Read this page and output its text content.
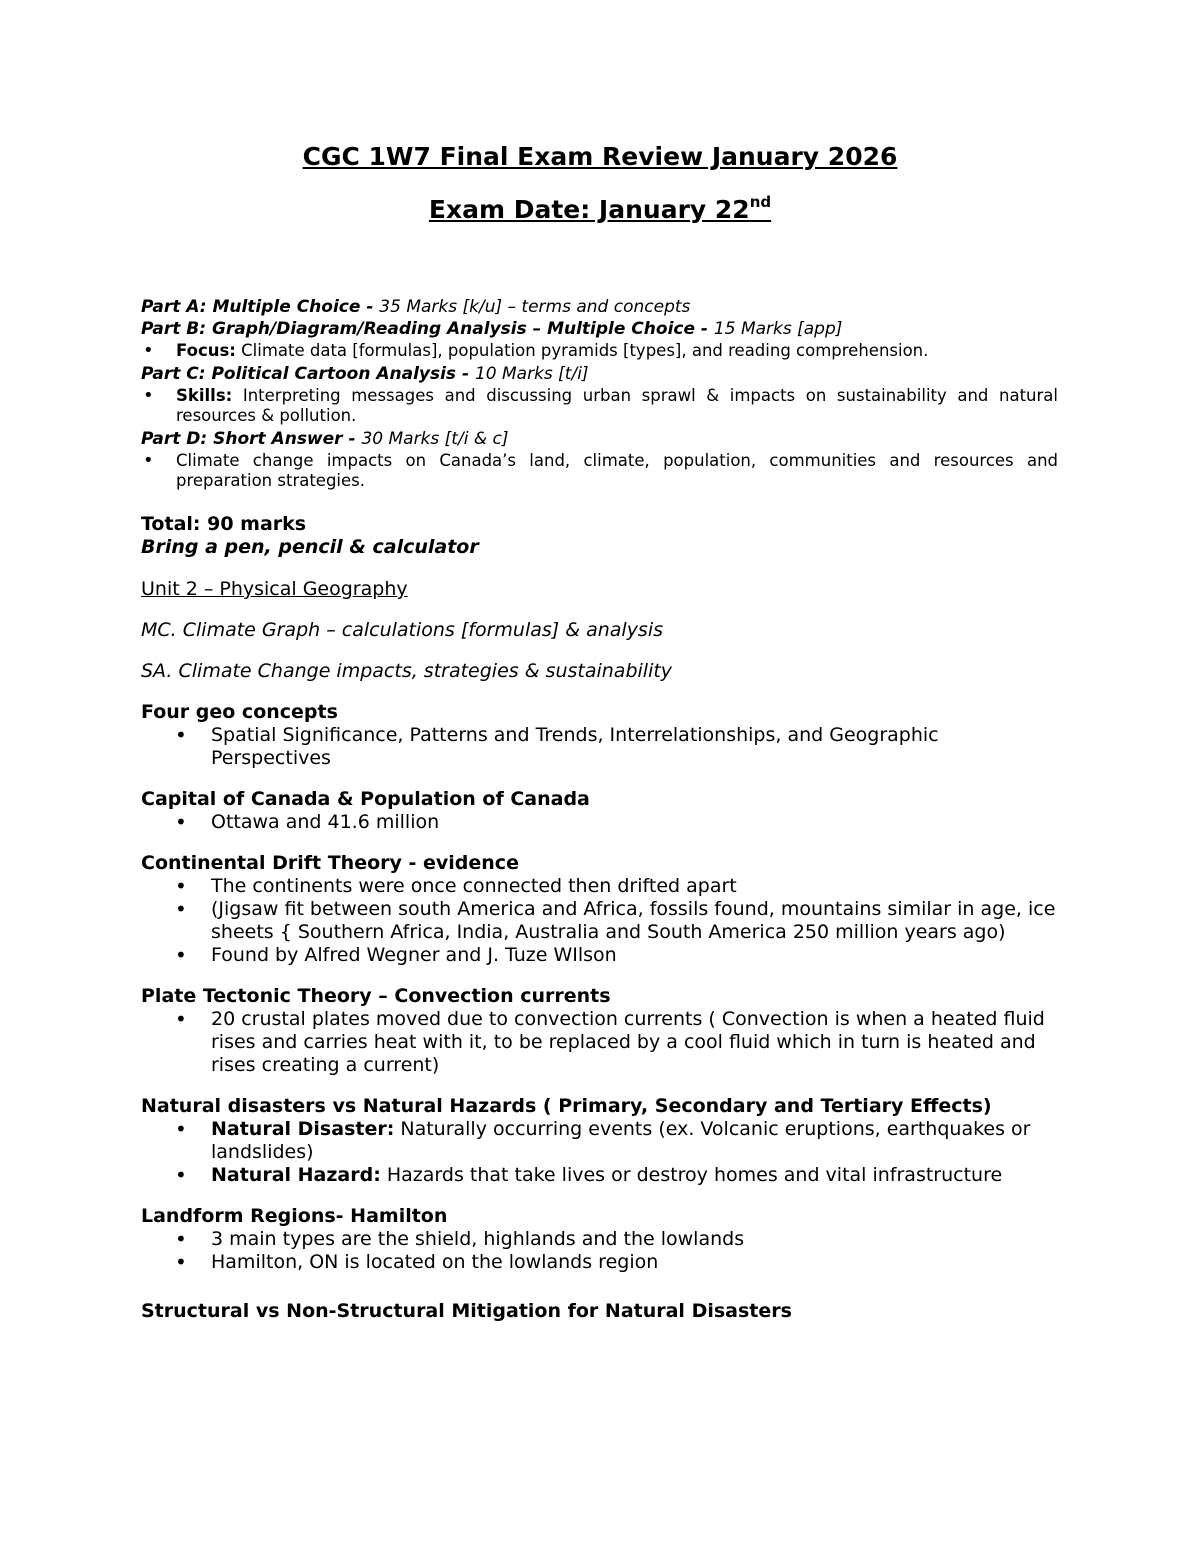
CGC 1W7 Final Exam Review January 2026
Exam Date: January 22nd

Part A: Multiple Choice - 35 Marks [k/u] – terms and concepts

Part B: Graph/Diagram/Reading Analysis – Multiple Choice - 15 Marks [app]

• Focus: Climate data [formulas], population pyramids [types], and reading comprehension.

Part C: Political Cartoon Analysis - 10 Marks [t/i]

• Skills: Interpreting messages and discussing urban sprawl & impacts on sustainability and natural resources & pollution.

Part D: Short Answer - 30 Marks [t/i & c]

• Climate change impacts on Canada’s land, climate, population, communities and resources and preparation strategies.
Total: 90 marks
Bring a pen, pencil & calculator
Unit 2 – Physical Geography
MC. Climate Graph – calculations [formulas] & analysis
SA. Climate Change impacts, strategies & sustainability
Four geo concepts
• Spatial Significance, Patterns and Trends, Interrelationships, and Geographic Perspectives
Capital of Canada & Population of Canada
• Ottawa and 41.6 million
Continental Drift Theory - evidence
• The continents were once connected then drifted apart
• (Jigsaw fit between south America and Africa, fossils found, mountains similar in age, ice sheets { Southern Africa, India, Australia and South America 250 million years ago)
• Found by Alfred Wegner and J. Tuze WIlson
Plate Tectonic Theory – Convection currents
• 20 crustal plates moved due to convection currents ( Convection is when a heated fluid rises and carries heat with it, to be replaced by a cool fluid which in turn is heated and rises creating a current)
Natural disasters vs Natural Hazards ( Primary, Secondary and Tertiary Effects)
• Natural Disaster: Naturally occurring events (ex. Volcanic eruptions, earthquakes or landslides)
• Natural Hazard: Hazards that take lives or destroy homes and vital infrastructure
Landform Regions- Hamilton
• 3 main types are the shield, highlands and the lowlands
• Hamilton, ON is located on the lowlands region
Structural vs Non-Structural Mitigation for Natural Disasters
